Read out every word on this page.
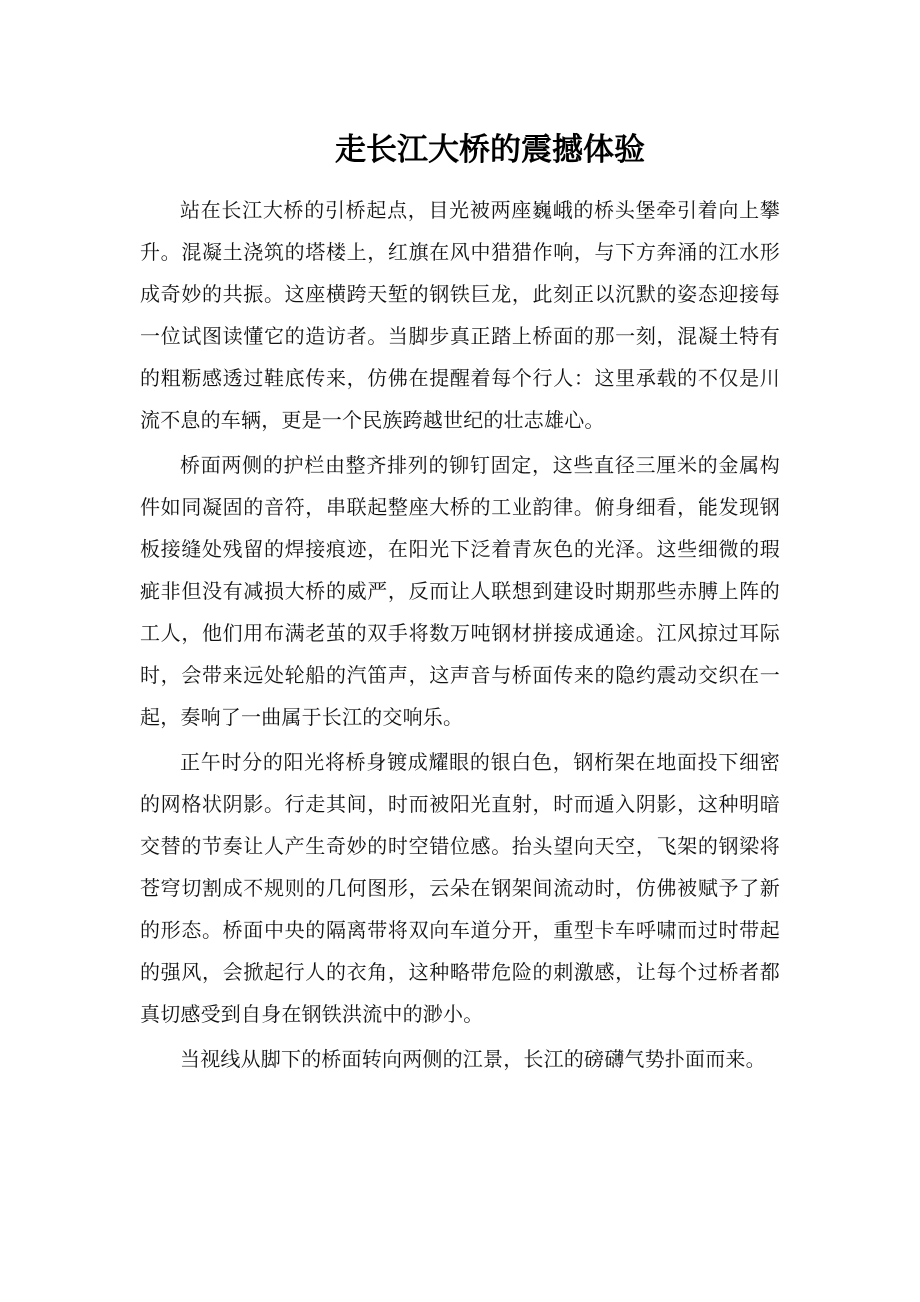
走长江大桥的震撼体验

站在长江大桥的引桥起点，目光被两座巍峨的桥头堡牵引着向上攀升。混凝土浇筑的塔楼上，红旗在风中猎猎作响，与下方奔涌的江水形成奇妙的共振。这座横跨天堑的钢铁巨龙，此刻正以沉默的姿态迎接每一位试图读懂它的造访者。当脚步真正踏上桥面的那一刻，混凝土特有的粗粝感透过鞋底传来，仿佛在提醒着每个行人：这里承载的不仅是川流不息的车辆，更是一个民族跨越世纪的壮志雄心。

桥面两侧的护栏由整齐排列的铆钉固定，这些直径三厘米的金属构件如同凝固的音符，串联起整座大桥的工业韵律。俯身细看，能发现钢板接缝处残留的焊接痕迹，在阳光下泛着青灰色的光泽。这些细微的瑕疵非但没有减损大桥的威严，反而让人联想到建设时期那些赤膊上阵的工人，他们用布满老茧的双手将数万吨钢材拼接成通途。江风掠过耳际时，会带来远处轮船的汽笛声，这声音与桥面传来的隐约震动交织在一起，奏响了一曲属于长江的交响乐。

正午时分的阳光将桥身镀成耀眼的银白色，钢桁架在地面投下细密的网格状阴影。行走其间，时而被阳光直射，时而遁入阴影，这种明暗交替的节奏让人产生奇妙的时空错位感。抬头望向天空，飞架的钢梁将苍穹切割成不规则的几何图形，云朵在钢架间流动时，仿佛被赋予了新的形态。桥面中央的隔离带将双向车道分开，重型卡车呼啸而过时带起的强风，会掀起行人的衣角，这种略带危险的刺激感，让每个过桥者都真切感受到自身在钢铁洪流中的渺小。

当视线从脚下的桥面转向两侧的江景，长江的磅礴气势扑面而来。
